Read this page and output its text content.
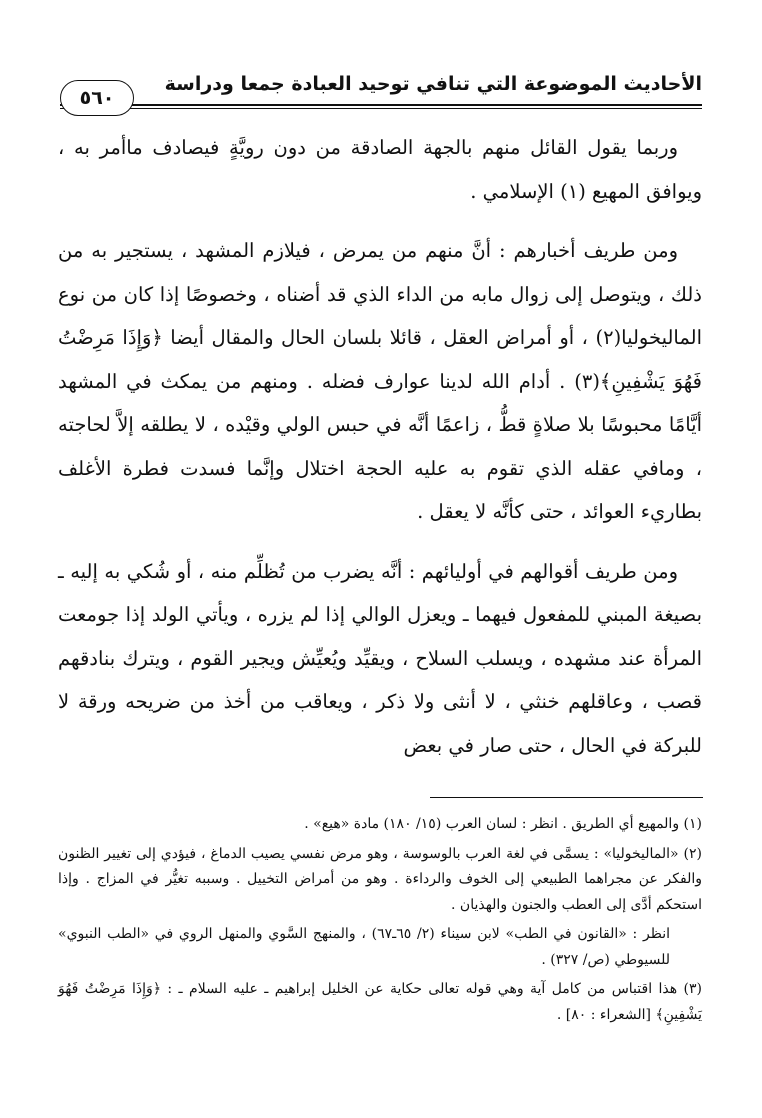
الأحاديث الموضوعة التي تنافي توحيد العبادة جمعا ودراسة
٥٦٠

وربما يقول القائل منهم بالجهة الصادقة من دون رويَّةٍ فيصادف ماأمر به ، ويوافق المهيع (١) الإسلامي .

ومن طريف أخبارهم : أنَّ منهم من يمرض ، فيلازم المشهد ، يستجير به من ذلك ، ويتوصل إلى زوال مابه من الداء الذي قد أضناه ، وخصوصًا إذا كان من نوع الماليخوليا(٢) ، أو أمراض العقل ، قائلا بلسان الحال والمقال أيضا ﴿وَإِذَا مَرِضْتُ فَهُوَ يَشْفِينِ﴾(٣) . أدام الله لدينا عوارف فضله . ومنهم من يمكث في المشهد أيَّامًا محبوسًا بلا صلاةٍ قطُّ ، زاعمًا أنَّه في حبس الولي وقيْده ، لا يطلقه إلاَّ لحاجته ، ومافي عقله الذي تقوم به عليه الحجة اختلال وإنَّما فسدت فطرة الأغلف بطاريء العوائد ، حتى كأنَّه لا يعقل .

ومن طريف أقوالهم في أوليائهم : أنَّه يضرب من تُظلِّم منه ، أو شُكي به إليه ـ بصيغة المبني للمفعول فيهما ـ ويعزل الوالي إذا لم يزره ، ويأتي الولد إذا جومعت المرأة عند مشهده ، ويسلب السلاح ، ويقيِّد ويُعيِّش ويجير القوم ، ويترك بنادقهم قصب ، وعاقلهم خنثي ، لا أنثى ولا ذكر ، ويعاقب من أخذ من ضريحه ورقة لا للبركة في الحال ، حتى صار في بعض

(١) والمهيع أي الطريق . انظر : لسان العرب (١٥/ ١٨٠) مادة «هيع» .

(٢) «الماليخوليا» : يسمَّى في لغة العرب بالوسوسة ، وهو مرض نفسي يصيب الدماغ ، فيؤدي إلى تغيير الظنون والفكر عن مجراهما الطبيعي إلى الخوف والرداءة . وهو من أمراض التخييل . وسببه تغيُّر في المزاج . وإذا استحكم أدَّى إلى العطب والجنون والهذيان .

انظر : «القانون في الطب» لابن سيناء (٢/ ٦٥ـ٦٧) ، والمنهج السَّوي والمنهل الروي في «الطب النبوي» للسيوطي (ص/ ٣٢٧) .

(٣) هذا اقتباس من كامل آية وهي قوله تعالى حكاية عن الخليل إبراهيم ـ عليه السلام ـ : ﴿وَإِذَا مَرِضْتُ فَهُوَ يَشْفِينِ﴾ [الشعراء : ٨٠] .
